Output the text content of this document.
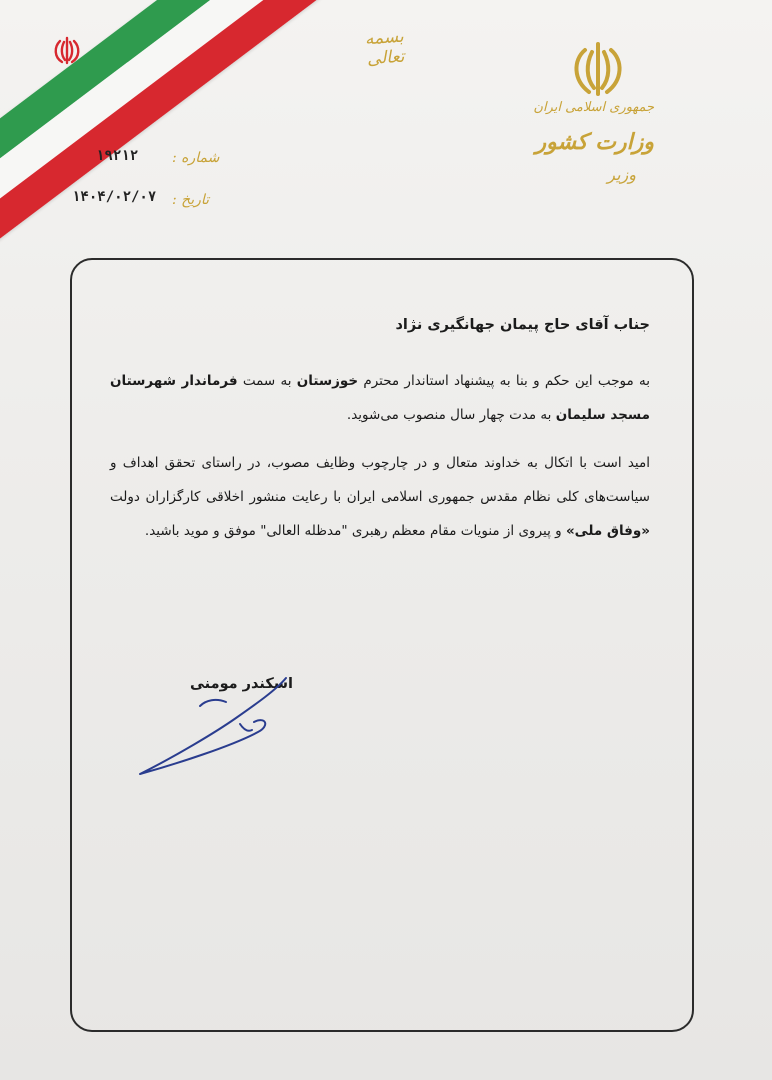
بسمه تعالی
جمهوری اسلامی ایران
وزارت کشور
وزیر
شماره :
۱۹۲۱۲
تاریخ :
۱۴۰۴/۰۲/۰۷

جناب آقای حاج پیمان جهانگیری نژاد

به موجب این حکم و بنا به پیشنهاد استاندار محترم خوزستان به سمت فرماندار شهرستان مسجد سلیمان به مدت چهار سال منصوب می‌شوید.

امید است با اتکال به خداوند متعال و در چارچوب وظایف مصوب، در راستای تحقق اهداف و سیاست‌های کلی نظام مقدس جمهوری اسلامی ایران با رعایت منشور اخلاقی کارگزاران دولت «وفاق ملی» و پیروی از منویات مقام معظم رهبری "مدظله العالی" موفق و موید باشید.

اسکندر مومنی
